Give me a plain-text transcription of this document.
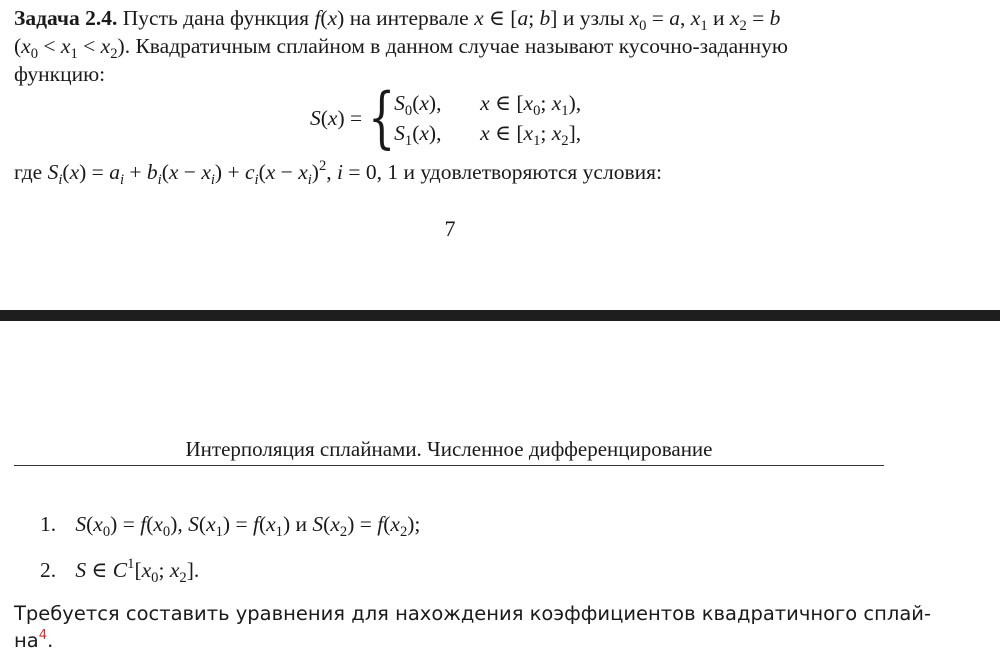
Задача 2.4. Пусть дана функция f(x) на интервале x ∈ [a; b] и узлы $x_0 = a$, $x_1$ и $x_2 = b$
$(x_0 < x_1 < x_2)$. Квадратичным сплайном в данном случае называют кусочно-заданную
функцию:
S(x) = {
$S_0(x)$,	x ∈ [$x_0$; $x_1$),
$S_1(x)$,	x ∈ [$x_1$; $x_2$],
где $S_i(x) = a_i + b_i(x - x_i) + c_i(x - x_i)^2$, i = 0, 1 и удовлетворяются условия:
7
Интерполяция сплайнами. Численное дифференцирование
1. $S(x_0) = f(x_0)$, $S(x_1) = f(x_1)$ и $S(x_2) = f(x_2)$;
2. S ∈ $C^1[x_0$; $x_2$].
Требуется составить уравнения для нахождения коэффициентов квадратичного сплай-
на$^4$.
